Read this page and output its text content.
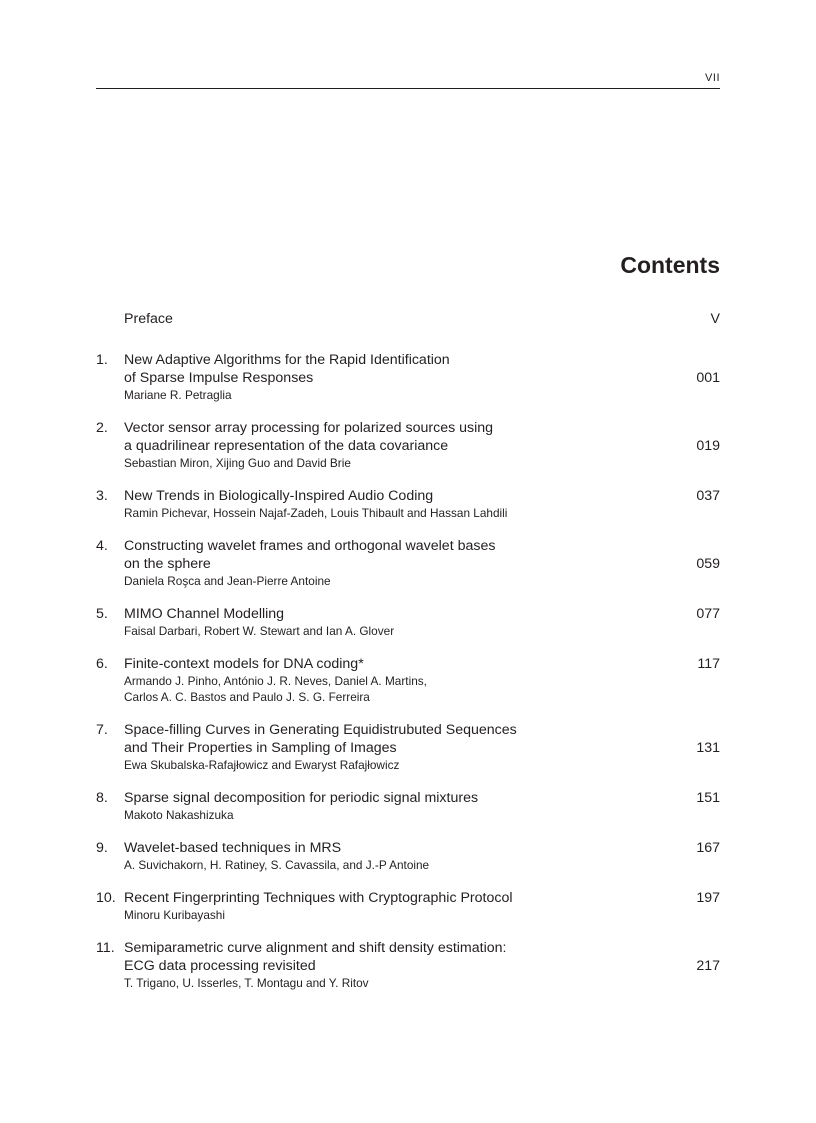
VII
Contents
Preface	V
1. New Adaptive Algorithms for the Rapid Identification
of Sparse Impulse Responses
Mariane R. Petraglia
001
2. Vector sensor array processing for polarized sources using
a quadrilinear representation of the data covariance
Sebastian Miron, Xijing Guo and David Brie
019
3. New Trends in Biologically-Inspired Audio Coding
Ramin Pichevar, Hossein Najaf-Zadeh, Louis Thibault and Hassan Lahdili
037
4. Constructing wavelet frames and orthogonal wavelet bases
on the sphere
Daniela Roşca and Jean-Pierre Antoine
059
5. MIMO Channel Modelling
Faisal Darbari, Robert W. Stewart and Ian A. Glover
077
6. Finite-context models for DNA coding*
Armando J. Pinho, António J. R. Neves, Daniel A. Martins,
Carlos A. C. Bastos and Paulo J. S. G. Ferreira
117
7. Space-filling Curves in Generating Equidistrubuted Sequences
and Their Properties in Sampling of Images
Ewa Skubalska-Rafajłowicz and Ewaryst Rafajłowicz
131
8. Sparse signal decomposition for periodic signal mixtures
Makoto Nakashizuka
151
9. Wavelet-based techniques in MRS
A. Suvichakorn, H. Ratiney, S. Cavassila, and J.-P Antoine
167
10. Recent Fingerprinting Techniques with Cryptographic Protocol
Minoru Kuribayashi
197
11. Semiparametric curve alignment and shift density estimation:
ECG data processing revisited
T. Trigano, U. Isserles, T. Montagu and Y. Ritov
217
